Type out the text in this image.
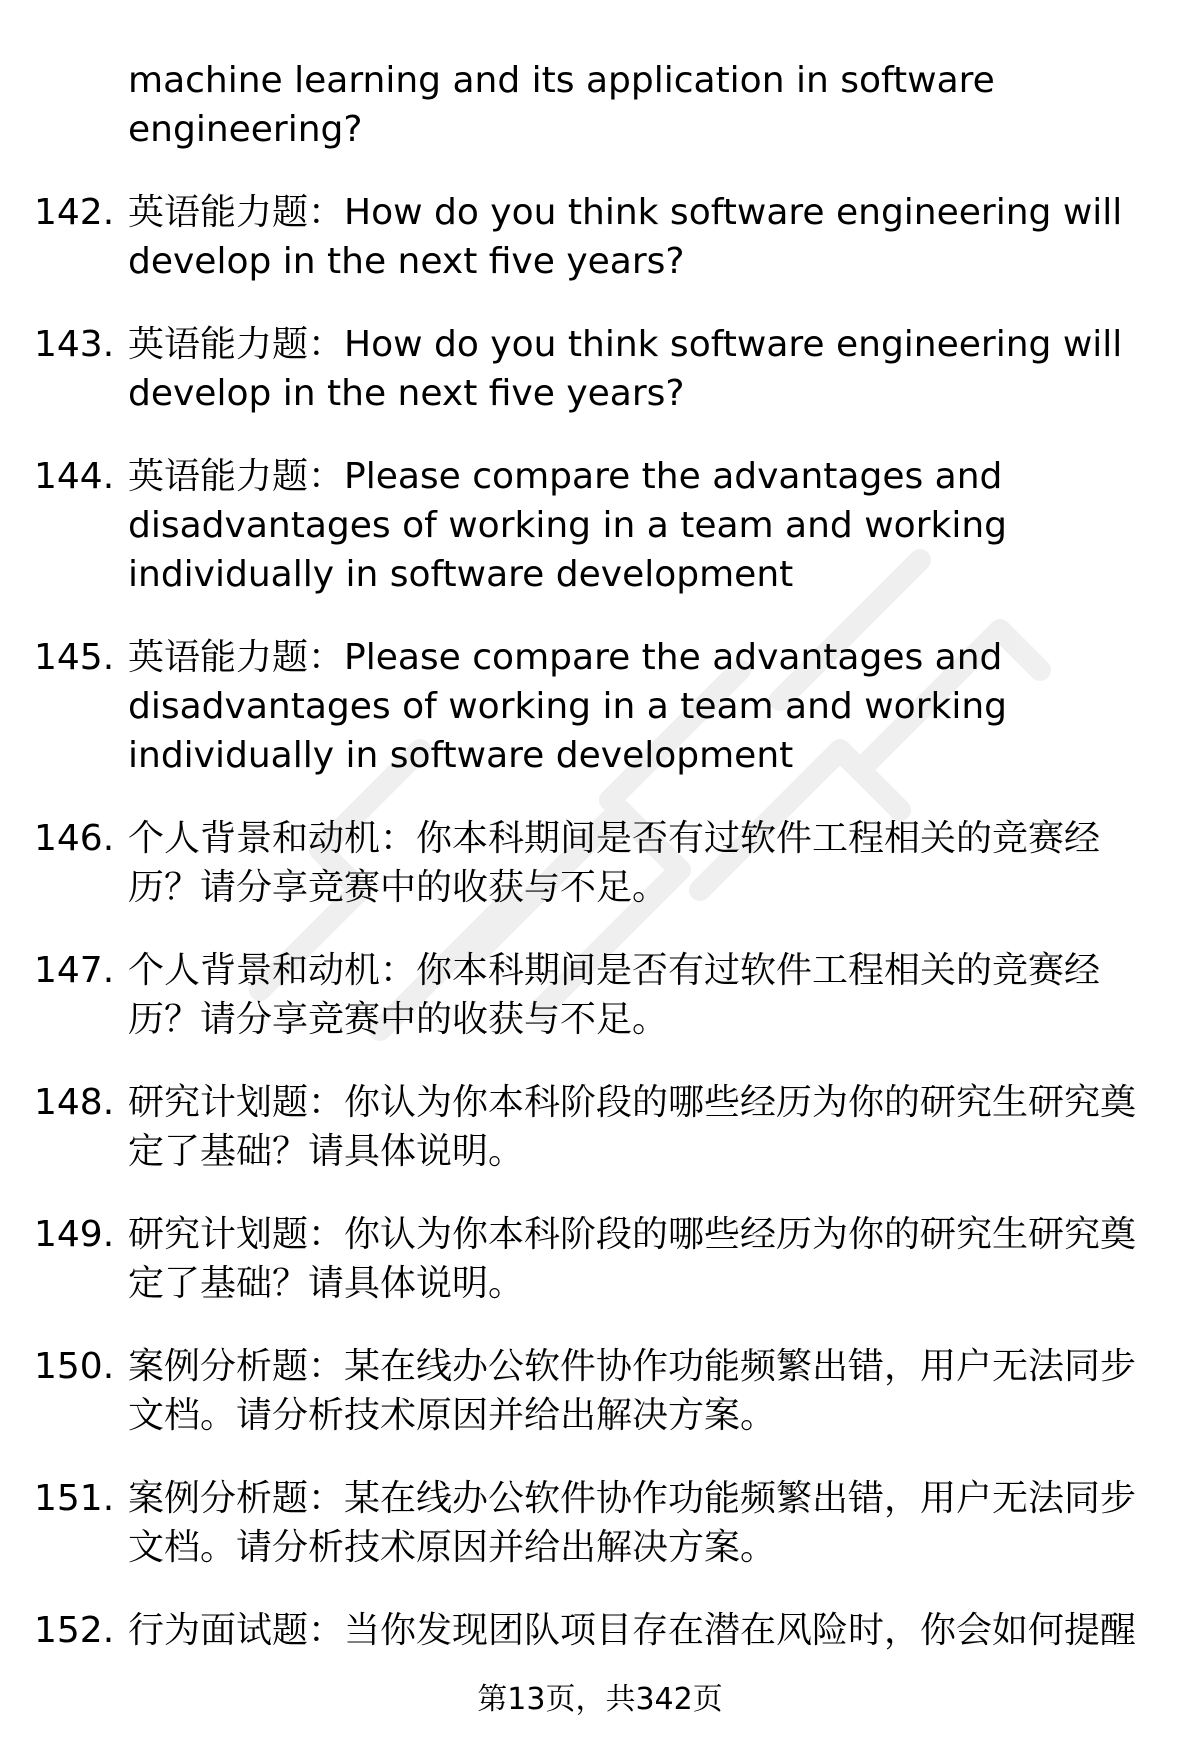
machine learning and its application in software
engineering?
142. 英语能力题：How do you think software engineering will
develop in the next five years?
143. 英语能力题：How do you think software engineering will
develop in the next five years?
144. 英语能力题：Please compare the advantages and
disadvantages of working in a team and working
individually in software development
145. 英语能力题：Please compare the advantages and
disadvantages of working in a team and working
individually in software development
146. 个人背景和动机：你本科期间是否有过软件工程相关的竞赛经
历？请分享竞赛中的收获与不足。
147. 个人背景和动机：你本科期间是否有过软件工程相关的竞赛经
历？请分享竞赛中的收获与不足。
148. 研究计划题：你认为你本科阶段的哪些经历为你的研究生研究奠
定了基础？请具体说明。
149. 研究计划题：你认为你本科阶段的哪些经历为你的研究生研究奠
定了基础？请具体说明。
150. 案例分析题：某在线办公软件协作功能频繁出错，用户无法同步
文档。请分析技术原因并给出解决方案。
151. 案例分析题：某在线办公软件协作功能频繁出错，用户无法同步
文档。请分析技术原因并给出解决方案。
152. 行为面试题：当你发现团队项目存在潜在风险时，你会如何提醒
第13页，共342页
